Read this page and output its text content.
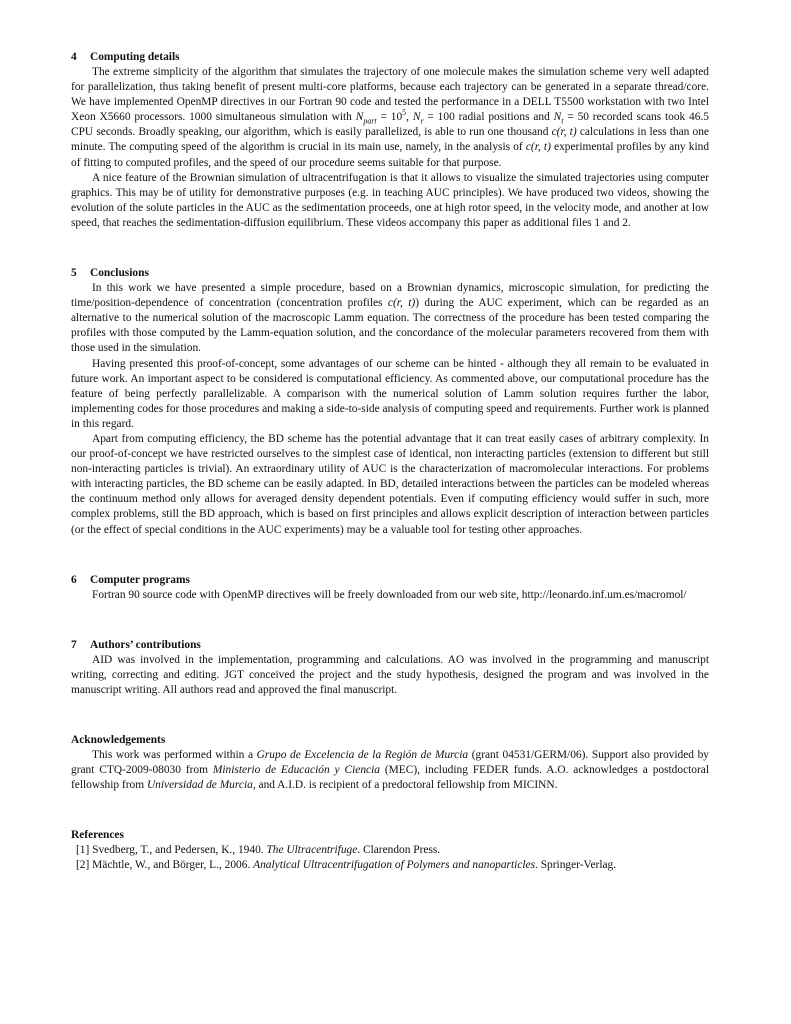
4 Computing details

The extreme simplicity of the algorithm that simulates the trajectory of one molecule makes the simulation scheme very well adapted for parallelization, thus taking benefit of present multi-core platforms, because each trajectory can be generated in a separate thread/core. We have implemented OpenMP directives in our Fortran 90 code and tested the performance in a DELL T5500 workstation with two Intel Xeon X5660 processors. 1000 simultaneous simulation with $N_{part} = 10^5$, $N_r = 100$ radial positions and $N_t = 50$ recorded scans took 46.5 CPU seconds. Broadly speaking, our algorithm, which is easily parallelized, is able to run one thousand c(r, t) calculations in less than one minute. The computing speed of the algorithm is crucial in its main use, namely, in the analysis of c(r, t) experimental profiles by any kind of fitting to computed profiles, and the speed of our procedure seems suitable for that purpose.

A nice feature of the Brownian simulation of ultracentrifugation is that it allows to visualize the simulated trajectories using computer graphics. This may be of utility for demonstrative purposes (e.g. in teaching AUC principles). We have produced two videos, showing the evolution of the solute particles in the AUC as the sedimentation proceeds, one at high rotor speed, in the velocity mode, and another at low speed, that reaches the sedimentation-diffusion equilibrium. These videos accompany this paper as additional files 1 and 2.

5 Conclusions

In this work we have presented a simple procedure, based on a Brownian dynamics, microscopic simulation, for predicting the time/position-dependence of concentration (concentration profiles c(r, t)) during the AUC experiment, which can be regarded as an alternative to the numerical solution of the macroscopic Lamm equation. The correctness of the procedure has been tested comparing the profiles with those computed by the Lamm-equation solution, and the concordance of the molecular parameters recovered from them with those used in the simulation.

Having presented this proof-of-concept, some advantages of our scheme can be hinted - although they all remain to be evaluated in future work. An important aspect to be considered is computational efficiency. As commented above, our computational procedure has the feature of being perfectly parallelizable. A comparison with the numerical solution of Lamm solution requires further the labor, implementing codes for those procedures and making a side-to-side analysis of computing speed and requirements. Further work is planned in this regard.

Apart from computing efficiency, the BD scheme has the potential advantage that it can treat easily cases of arbitrary complexity. In our proof-of-concept we have restricted ourselves to the simplest case of identical, non interacting particles (extension to different but still non-interacting particles is trivial). An extraordinary utility of AUC is the characterization of macromolecular interactions. For problems with interacting particles, the BD scheme can be easily adapted. In BD, detailed interactions between the particles can be modeled whereas the continuum method only allows for averaged density dependent potentials. Even if computing efficiency would suffer in such, more complex problems, still the BD approach, which is based on first principles and allows explicit description of interaction between particles (or the effect of special conditions in the AUC experiments) may be a valuable tool for testing other approaches.

6 Computer programs

Fortran 90 source code with OpenMP directives will be freely downloaded from our web site, http://leonardo.inf.um.es/macromol/

7 Authors’ contributions

AID was involved in the implementation, programming and calculations. AO was involved in the programming and manuscript writing, correcting and editing. JGT conceived the project and the study hypothesis, designed the program and was involved in the manuscript writing. All authors read and approved the final manuscript.

Acknowledgements

This work was performed within a Grupo de Excelencia de la Región de Murcia (grant 04531/GERM/06). Support also provided by grant CTQ-2009-08030 from Ministerio de Educación y Ciencia (MEC), including FEDER funds. A.O. acknowledges a postdoctoral fellowship from Universidad de Murcia, and A.I.D. is recipient of a predoctoral fellowship from MICINN.

References
[1] Svedberg, T., and Pedersen, K., 1940. The Ultracentrifuge. Clarendon Press.
[2] Mächtle, W., and Börger, L., 2006. Analytical Ultracentrifugation of Polymers and nanoparticles. Springer-Verlag.
